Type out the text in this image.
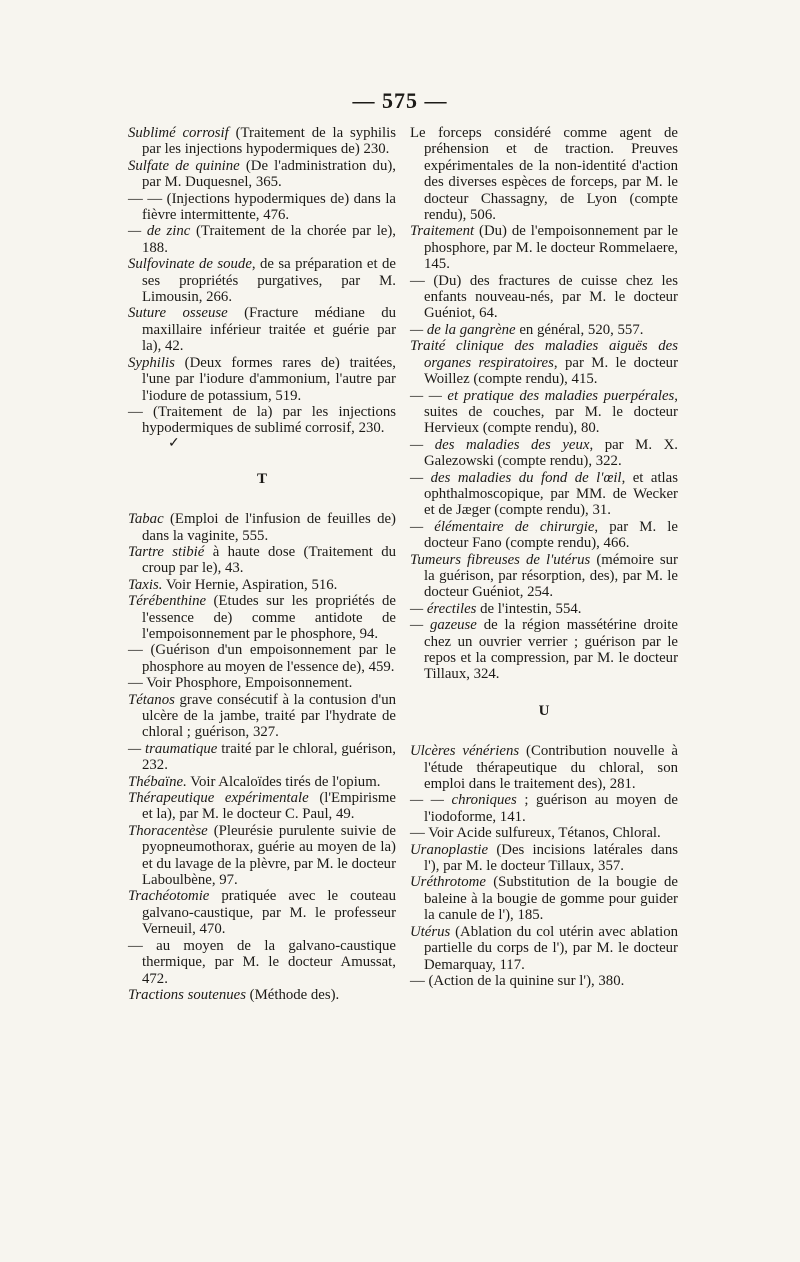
— 575 —

Sublimé corrosif (Traitement de la syphilis par les injections hypodermiques de) 230.

Sulfate de quinine (De l'administration du), par M. Duquesnel, 365.

— — (Injections hypodermiques de) dans la fièvre intermittente, 476.

— de zinc (Traitement de la chorée par le), 188.

Sulfovinate de soude, de sa préparation et de ses propriétés purgatives, par M. Limousin, 266.

Suture osseuse (Fracture médiane du maxillaire inférieur traitée et guérie par la), 42.

Syphilis (Deux formes rares de) traitées, l'une par l'iodure d'ammonium, l'autre par l'iodure de potassium, 519.

— (Traitement de la) par les injections hypodermiques de sublimé corrosif, 230.

✓
T

Tabac (Emploi de l'infusion de feuilles de) dans la vaginite, 555.

Tartre stibié à haute dose (Traitement du croup par le), 43.

Taxis. Voir Hernie, Aspiration, 516.

Térébenthine (Etudes sur les propriétés de l'essence de) comme antidote de l'empoisonnement par le phosphore, 94.

— (Guérison d'un empoisonnement par le phosphore au moyen de l'essence de), 459.

— Voir Phosphore, Empoisonnement.

Tétanos grave consécutif à la contusion d'un ulcère de la jambe, traité par l'hydrate de chloral ; guérison, 327.

— traumatique traité par le chloral, guérison, 232.

Thébaïne. Voir Alcaloïdes tirés de l'opium.

Thérapeutique expérimentale (l'Empirisme et la), par M. le docteur C. Paul, 49.

Thoracentèse (Pleurésie purulente suivie de pyopneumothorax, guérie au moyen de la) et du lavage de la plèvre, par M. le docteur Laboulbène, 97.

Trachéotomie pratiquée avec le couteau galvano-caustique, par M. le professeur Verneuil, 470.

— au moyen de la galvano-caustique thermique, par M. le docteur Amussat, 472.

Tractions soutenues (Méthode des).

Le forceps considéré comme agent de préhension et de traction. Preuves expérimentales de la non-identité d'action des diverses espèces de forceps, par M. le docteur Chassagny, de Lyon (compte rendu), 506.

Traitement (Du) de l'empoisonnement par le phosphore, par M. le docteur Rommelaere, 145.

— (Du) des fractures de cuisse chez les enfants nouveau-nés, par M. le docteur Guéniot, 64.

— de la gangrène en général, 520, 557.

Traité clinique des maladies aiguës des organes respiratoires, par M. le docteur Woillez (compte rendu), 415.

— — et pratique des maladies puerpérales, suites de couches, par M. le docteur Hervieux (compte rendu), 80.

— des maladies des yeux, par M. X. Galezowski (compte rendu), 322.

— des maladies du fond de l'œil, et atlas ophthalmoscopique, par MM. de Wecker et de Jæger (compte rendu), 31.

— élémentaire de chirurgie, par M. le docteur Fano (compte rendu), 466.

Tumeurs fibreuses de l'utérus (mémoire sur la guérison, par résorption, des), par M. le docteur Guéniot, 254.

— érectiles de l'intestin, 554.

— gazeuse de la région massétérine droite chez un ouvrier verrier ; guérison par le repos et la compression, par M. le docteur Tillaux, 324.

U

Ulcères vénériens (Contribution nouvelle à l'étude thérapeutique du chloral, son emploi dans le traitement des), 281.

— — chroniques ; guérison au moyen de l'iodoforme, 141.

— Voir Acide sulfureux, Tétanos, Chloral.

Uranoplastie (Des incisions latérales dans l'), par M. le docteur Tillaux, 357.

Uréthrotome (Substitution de la bougie de baleine à la bougie de gomme pour guider la canule de l'), 185.

Utérus (Ablation du col utérin avec ablation partielle du corps de l'), par M. le docteur Demarquay, 117.

— (Action de la quinine sur l'), 380.
